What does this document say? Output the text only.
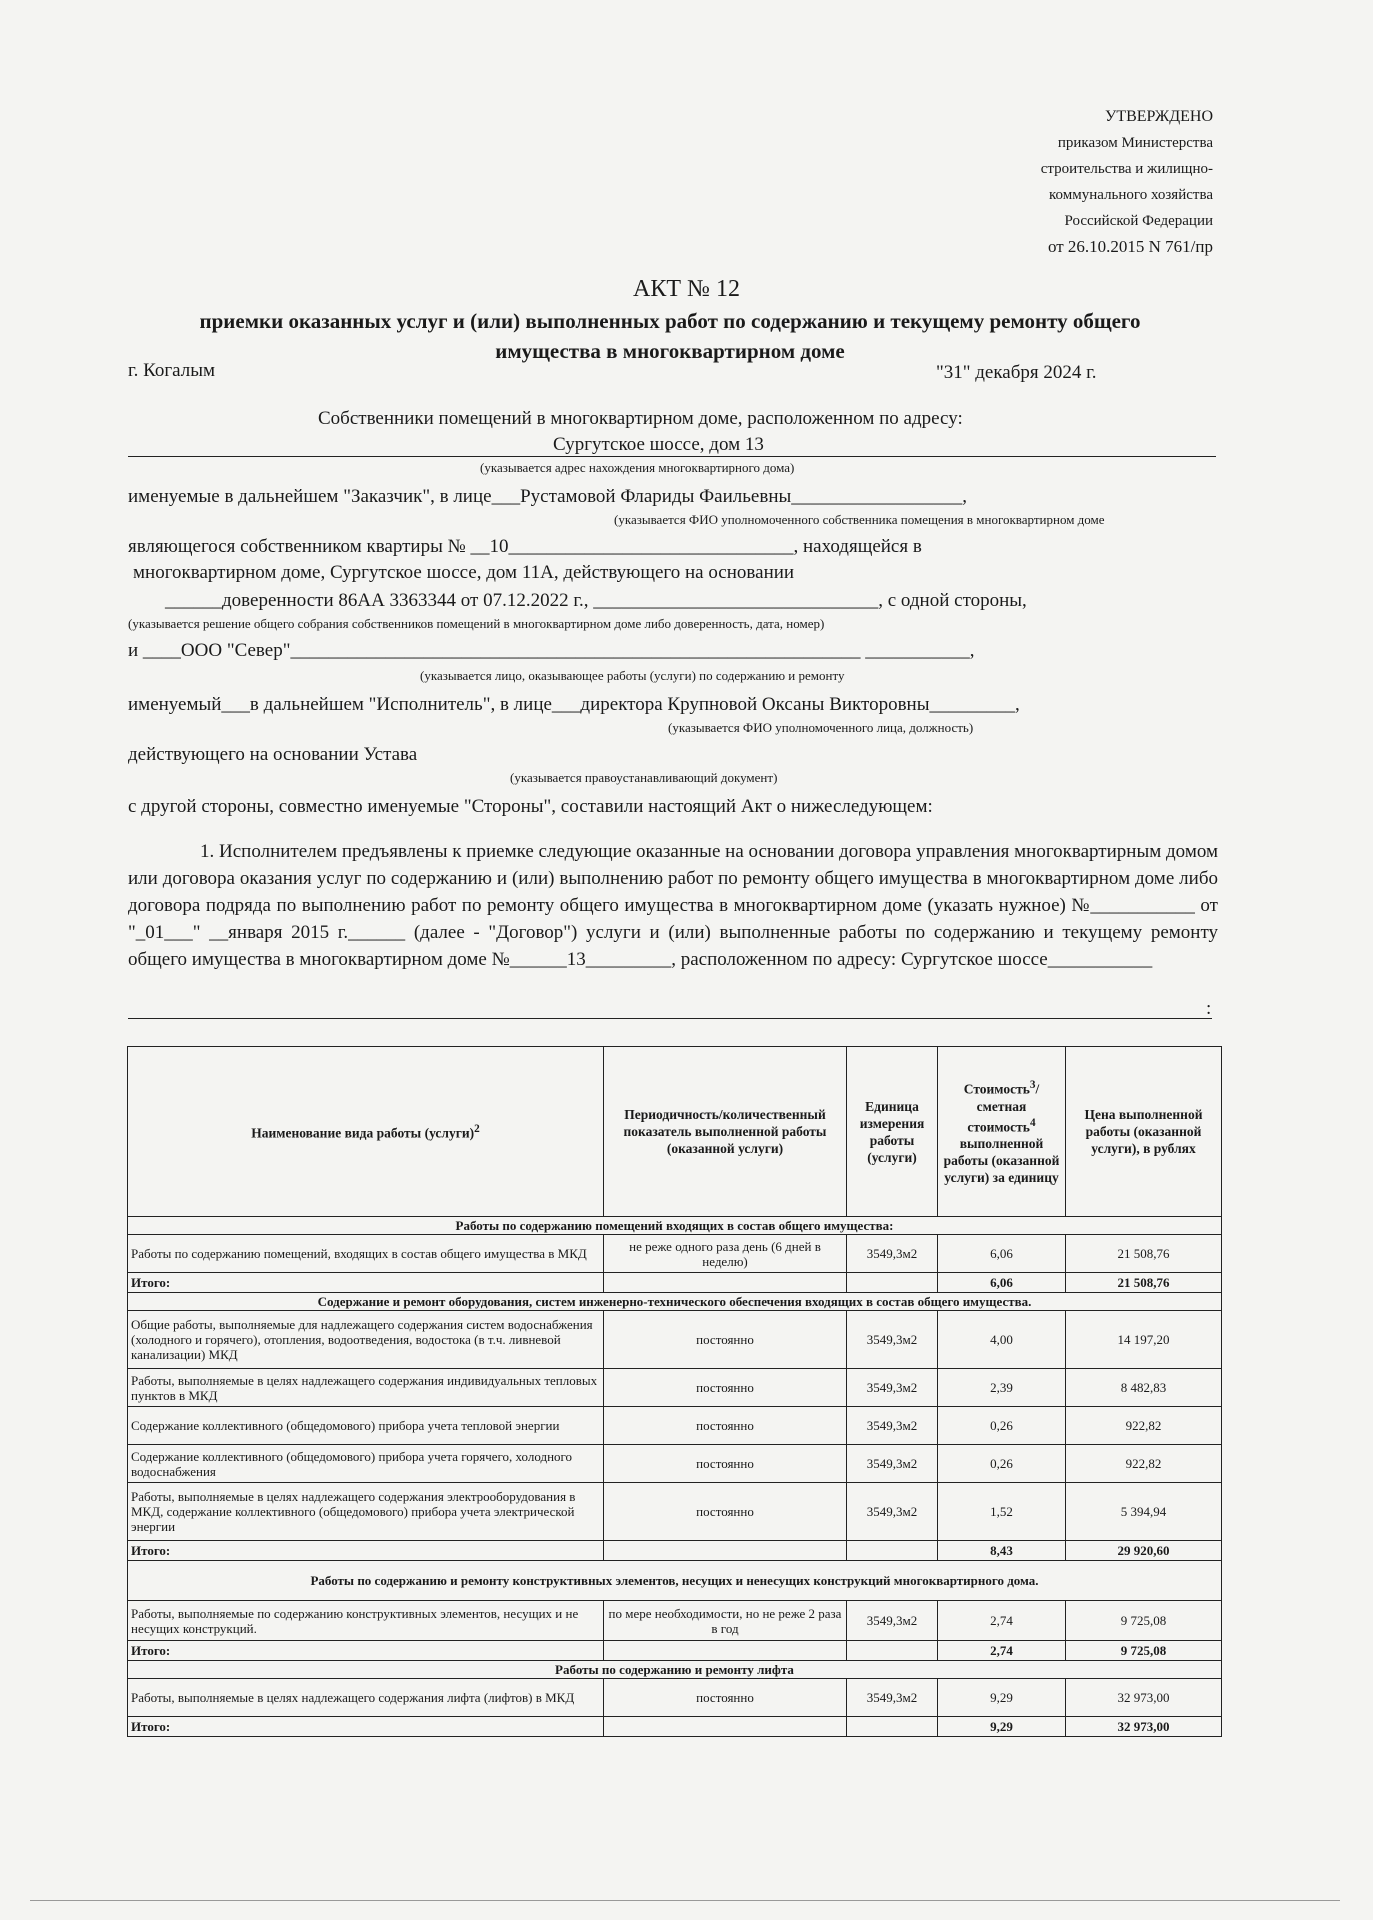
УТВЕРЖДЕНО
приказом Министерства
строительства и жилищно-
коммунального хозяйства
Российской Федерации
от 26.10.2015 N 761/пр
АКТ № 12
приемки оказанных услуг и (или) выполненных работ по содержанию и текущему ремонту общего имущества в многоквартирном доме
г. Когалым	"31" декабря 2024 г.
Собственники помещений в многоквартирном доме, расположенном по адресу:
Сургутское шоссе, дом 13
(указывается адрес нахождения многоквартирного дома)
именуемые в дальнейшем "Заказчик", в лице___Рустамовой Флариды Фаильевны__________________,
(указывается ФИО уполномоченного собственника помещения в многоквартирном доме
являющегося собственником квартиры № __10______________________________, находящейся в
многоквартирном доме, Сургутское шоссе, дом 11А, действующего на основании
______доверенности 86АА 3363344 от 07.12.2022 г., ______________________________, с одной стороны,
(указывается решение общего собрания собственников помещений в многоквартирном доме либо доверенность, дата, номер)
и ____ООО "Север"____________________________________________________________ ___________,
(указывается лицо, оказывающее работы (услуги) по содержанию и ремонту
именуемый___в дальнейшем "Исполнитель", в лице___директора Крупновой Оксаны Викторовны_________,
(указывается ФИО уполномоченного лица, должность)
действующего на основании Устава
(указывается правоустанавливающий документ)
с другой стороны, совместно именуемые "Стороны", составили настоящий Акт о нижеследующем:
1. Исполнителем предъявлены к приемке следующие оказанные на основании договора управления многоквартирным домом или договора оказания услуг по содержанию и (или) выполнению работ по ремонту общего имущества в многоквартирном доме либо договора подряда по выполнению работ по ремонту общего имущества в многоквартирном доме (указать нужное) №___________ от "_01___" __января 2015 г.______ (далее - "Договор") услуги и (или) выполненные работы по содержанию и текущему ремонту общего имущества в многоквартирном доме №______13_________, расположенном по адресу: Сургутское шоссе___________
:
Наименование вида работы (услуги)$^2$	Периодичность/количественный показатель выполненной работы (оказанной услуги)	Единица измерения работы (услуги)	Стоимость$^3$/сметная стоимость$^4$ выполненной работы (оказанной услуги) за единицу	Цена выполненной работы (оказанной услуги), в рублях
Работы по содержанию помещений входящих в состав общего имущества:				
Работы по содержанию помещений, входящих в состав общего имущества в МКД	не реже одного раза день (6 дней в неделю)	3549,3м2	6,06	21 508,76
Итого:			6,06	21 508,76
Содержание и ремонт оборудования, систем инженерно-технического обеспечения входящих в состав общего имущества.				
Общие работы, выполняемые для надлежащего содержания систем водоснабжения (холодного и горячего), отопления, водоотведения, водостока (в т.ч. ливневой канализации) МКД	постоянно	3549,3м2	4,00	14 197,20
Работы, выполняемые в целях надлежащего содержания индивидуальных тепловых пунктов в МКД	постоянно	3549,3м2	2,39	8 482,83
Содержание коллективного (общедомового) прибора учета тепловой энергии	постоянно	3549,3м2	0,26	922,82
Содержание коллективного (общедомового) прибора учета горячего, холодного водоснабжения	постоянно	3549,3м2	0,26	922,82
Работы, выполняемые в целях надлежащего содержания электрооборудования в МКД, содержание коллективного (общедомового) прибора учета электрической энергии	постоянно	3549,3м2	1,52	5 394,94
Итого:			8,43	29 920,60
Работы по содержанию и ремонту конструктивных элементов, несущих и ненесущих конструкций многоквартирного дома.				
Работы, выполняемые по содержанию конструктивных элементов, несущих и не несущих конструкций.	по мере необходимости, но не реже 2 раза в год	3549,3м2	2,74	9 725,08
Итого:			2,74	9 725,08
Работы по содержанию и ремонту лифта				
Работы, выполняемые в целях надлежащего содержания лифта (лифтов) в МКД	постоянно	3549,3м2	9,29	32 973,00
Итого:			9,29	32 973,00
